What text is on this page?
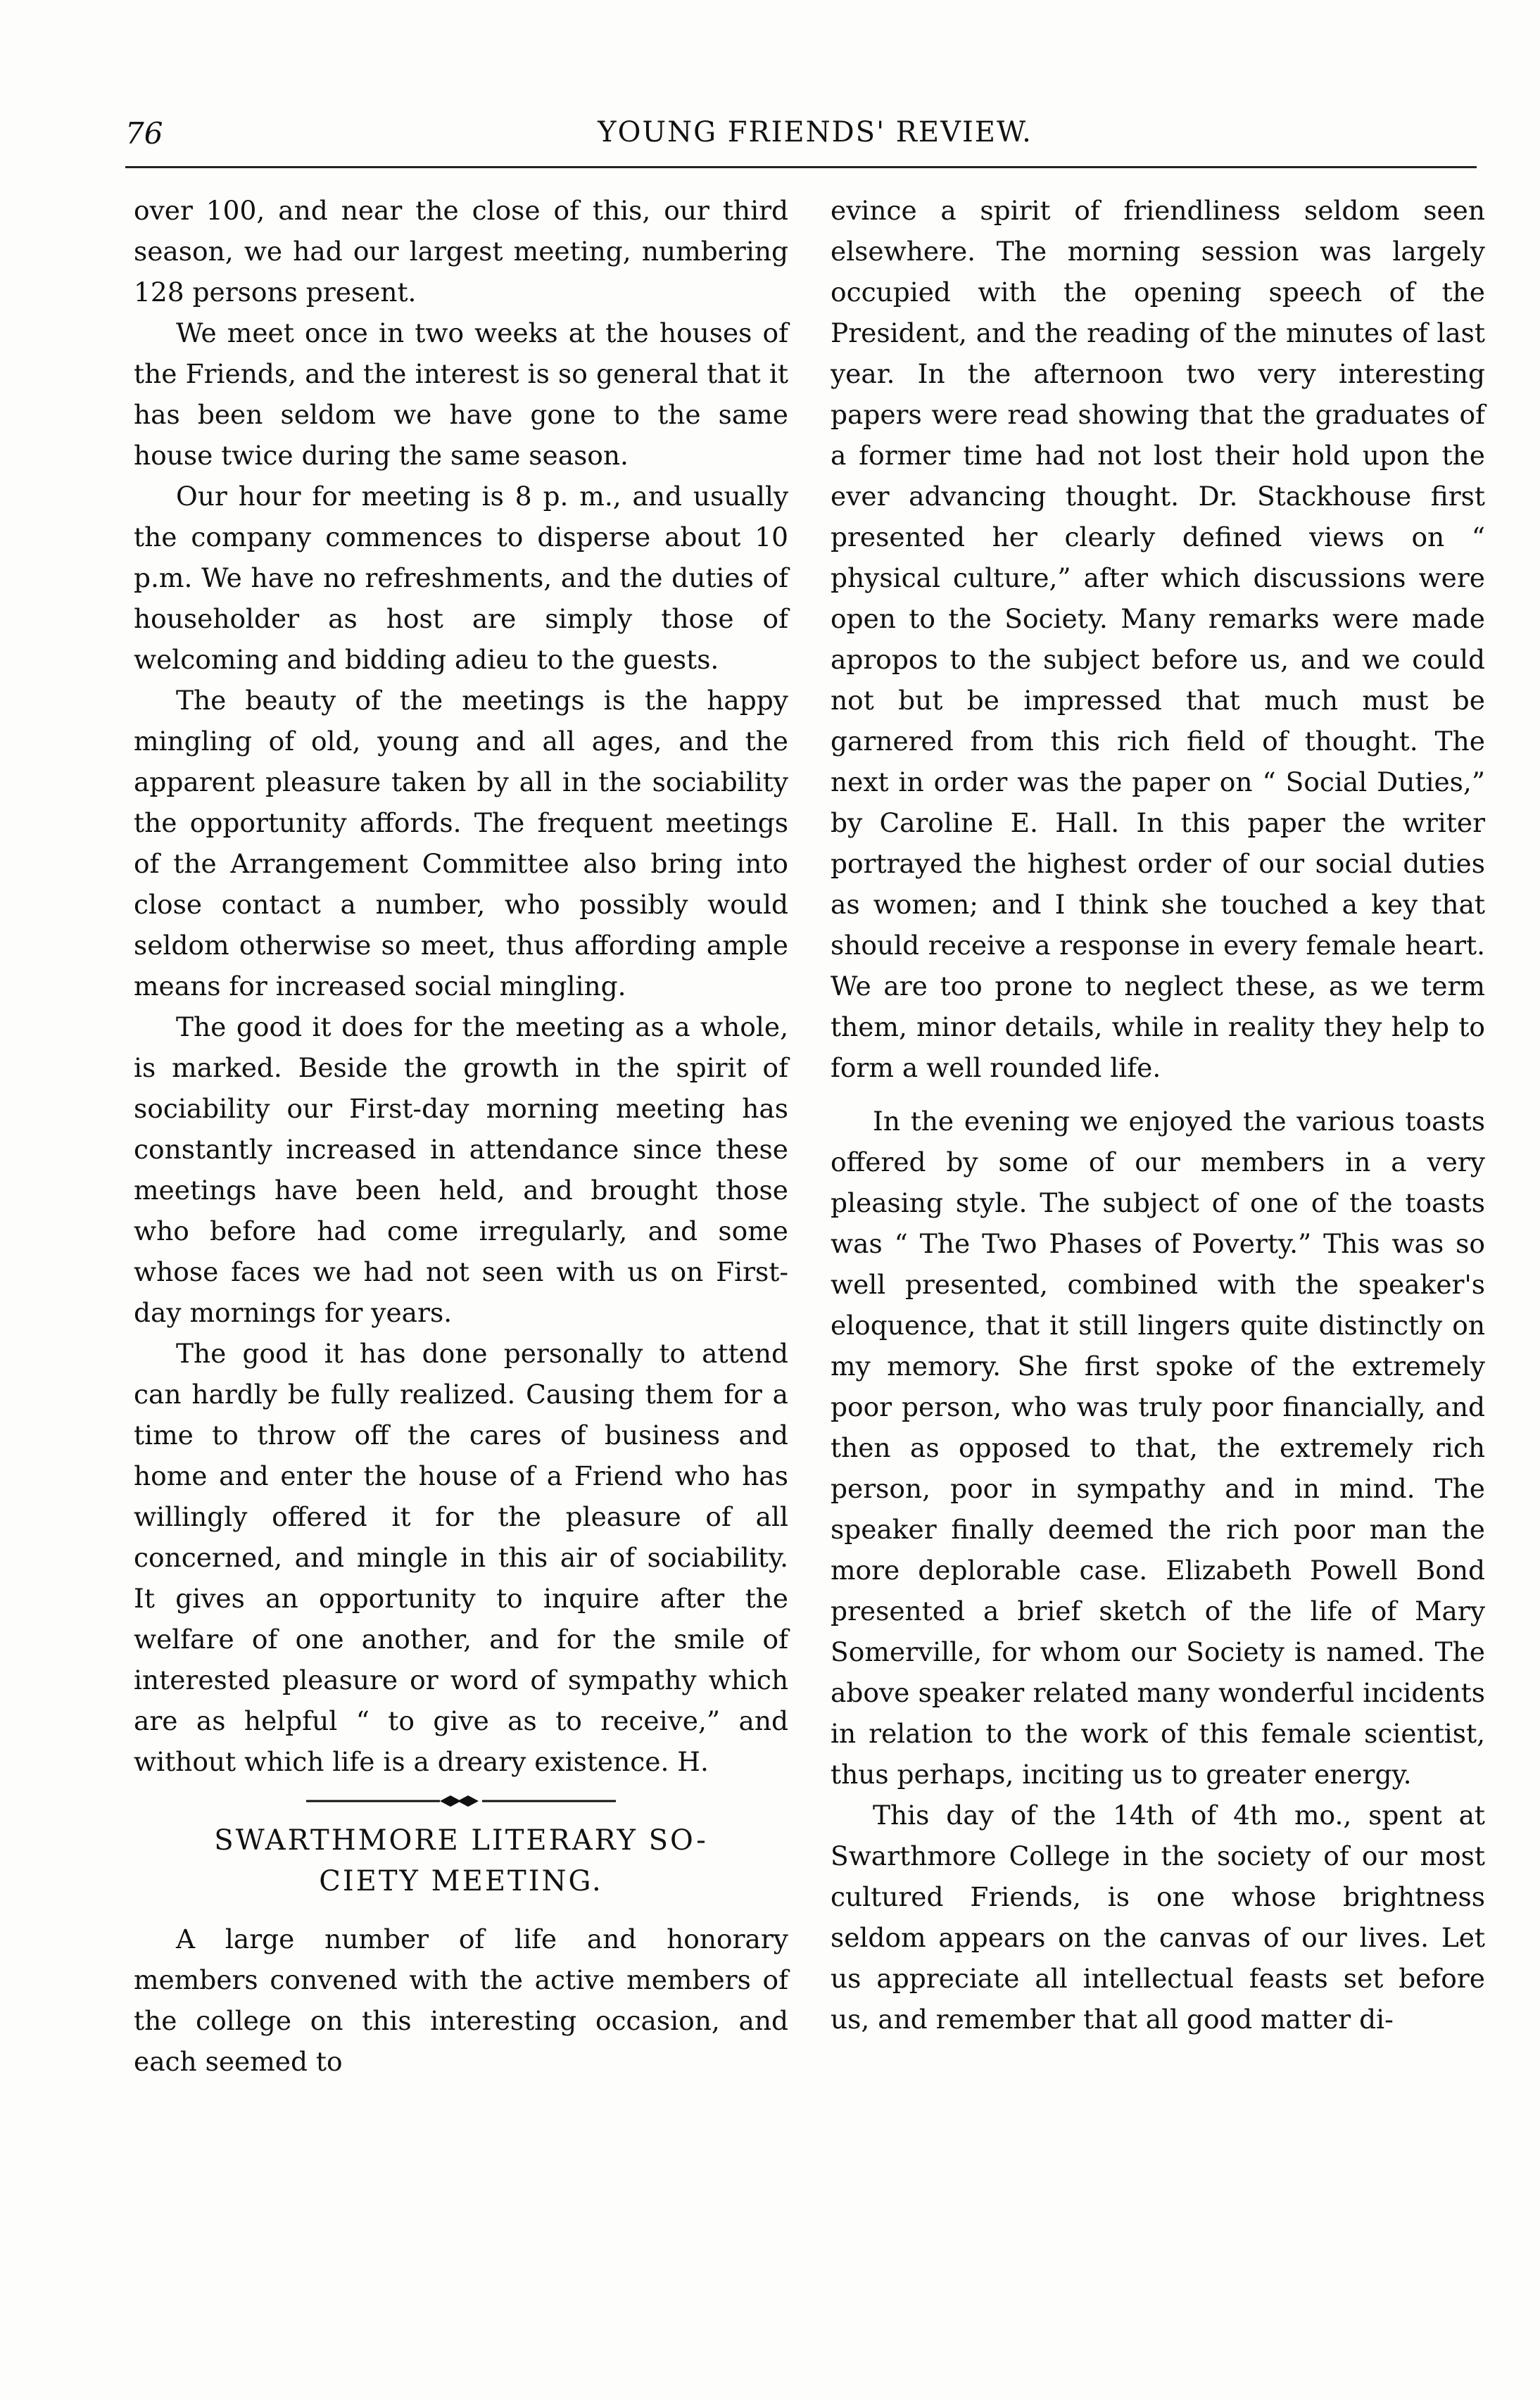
76	YOUNG FRIENDS' REVIEW.

over 100, and near the close of this, our third season, we had our largest meeting, numbering 128 persons present.

We meet once in two weeks at the houses of the Friends, and the interest is so general that it has been seldom we have gone to the same house twice during the same season.

Our hour for meeting is 8 p. m., and usually the company commences to disperse about 10 p.m. We have no refreshments, and the duties of householder as host are simply those of welcoming and bidding adieu to the guests.

The beauty of the meetings is the happy mingling of old, young and all ages, and the apparent pleasure taken by all in the sociability the opportunity affords. The frequent meetings of the Arrangement Committee also bring into close contact a number, who possibly would seldom otherwise so meet, thus affording ample means for increased social mingling.

The good it does for the meeting as a whole, is marked. Beside the growth in the spirit of sociability our First-day morning meeting has constantly increased in attendance since these meetings have been held, and brought those who before had come irregularly, and some whose faces we had not seen with us on First-day mornings for years.

The good it has done personally to attend can hardly be fully realized. Causing them for a time to throw off the cares of business and home and enter the house of a Friend who has willingly offered it for the pleasure of all concerned, and mingle in this air of sociability. It gives an opportunity to inquire after the welfare of one another, and for the smile of interested pleasure or word of sympathy which are as helpful “ to give as to receive,” and without which life is a dreary existence. H.

SWARTHMORE LITERARY SO-
CIETY MEETING.

A large number of life and honorary members convened with the active members of the college on this interesting occasion, and each seemed to

evince a spirit of friendliness seldom seen elsewhere. The morning session was largely occupied with the opening speech of the President, and the reading of the minutes of last year. In the afternoon two very interesting papers were read showing that the graduates of a former time had not lost their hold upon the ever advancing thought. Dr. Stackhouse first presented her clearly defined views on “ physical culture,” after which discussions were open to the Society. Many remarks were made apropos to the subject before us, and we could not but be impressed that much must be garnered from this rich field of thought. The next in order was the paper on “ Social Duties,” by Caroline E. Hall. In this paper the writer portrayed the highest order of our social duties as women; and I think she touched a key that should receive a response in every female heart. We are too prone to neglect these, as we term them, minor details, while in reality they help to form a well rounded life.

In the evening we enjoyed the various toasts offered by some of our members in a very pleasing style. The subject of one of the toasts was “ The Two Phases of Poverty.” This was so well presented, combined with the speaker's eloquence, that it still lingers quite distinctly on my memory. She first spoke of the extremely poor person, who was truly poor financially, and then as opposed to that, the extremely rich person, poor in sympathy and in mind. The speaker finally deemed the rich poor man the more deplorable case. Elizabeth Powell Bond presented a brief sketch of the life of Mary Somerville, for whom our Society is named. The above speaker related many wonderful incidents in relation to the work of this female scientist, thus perhaps, inciting us to greater energy.

This day of the 14th of 4th mo., spent at Swarthmore College in the society of our most cultured Friends, is one whose brightness seldom appears on the canvas of our lives. Let us appreciate all intellectual feasts set before us, and remember that all good matter di-
